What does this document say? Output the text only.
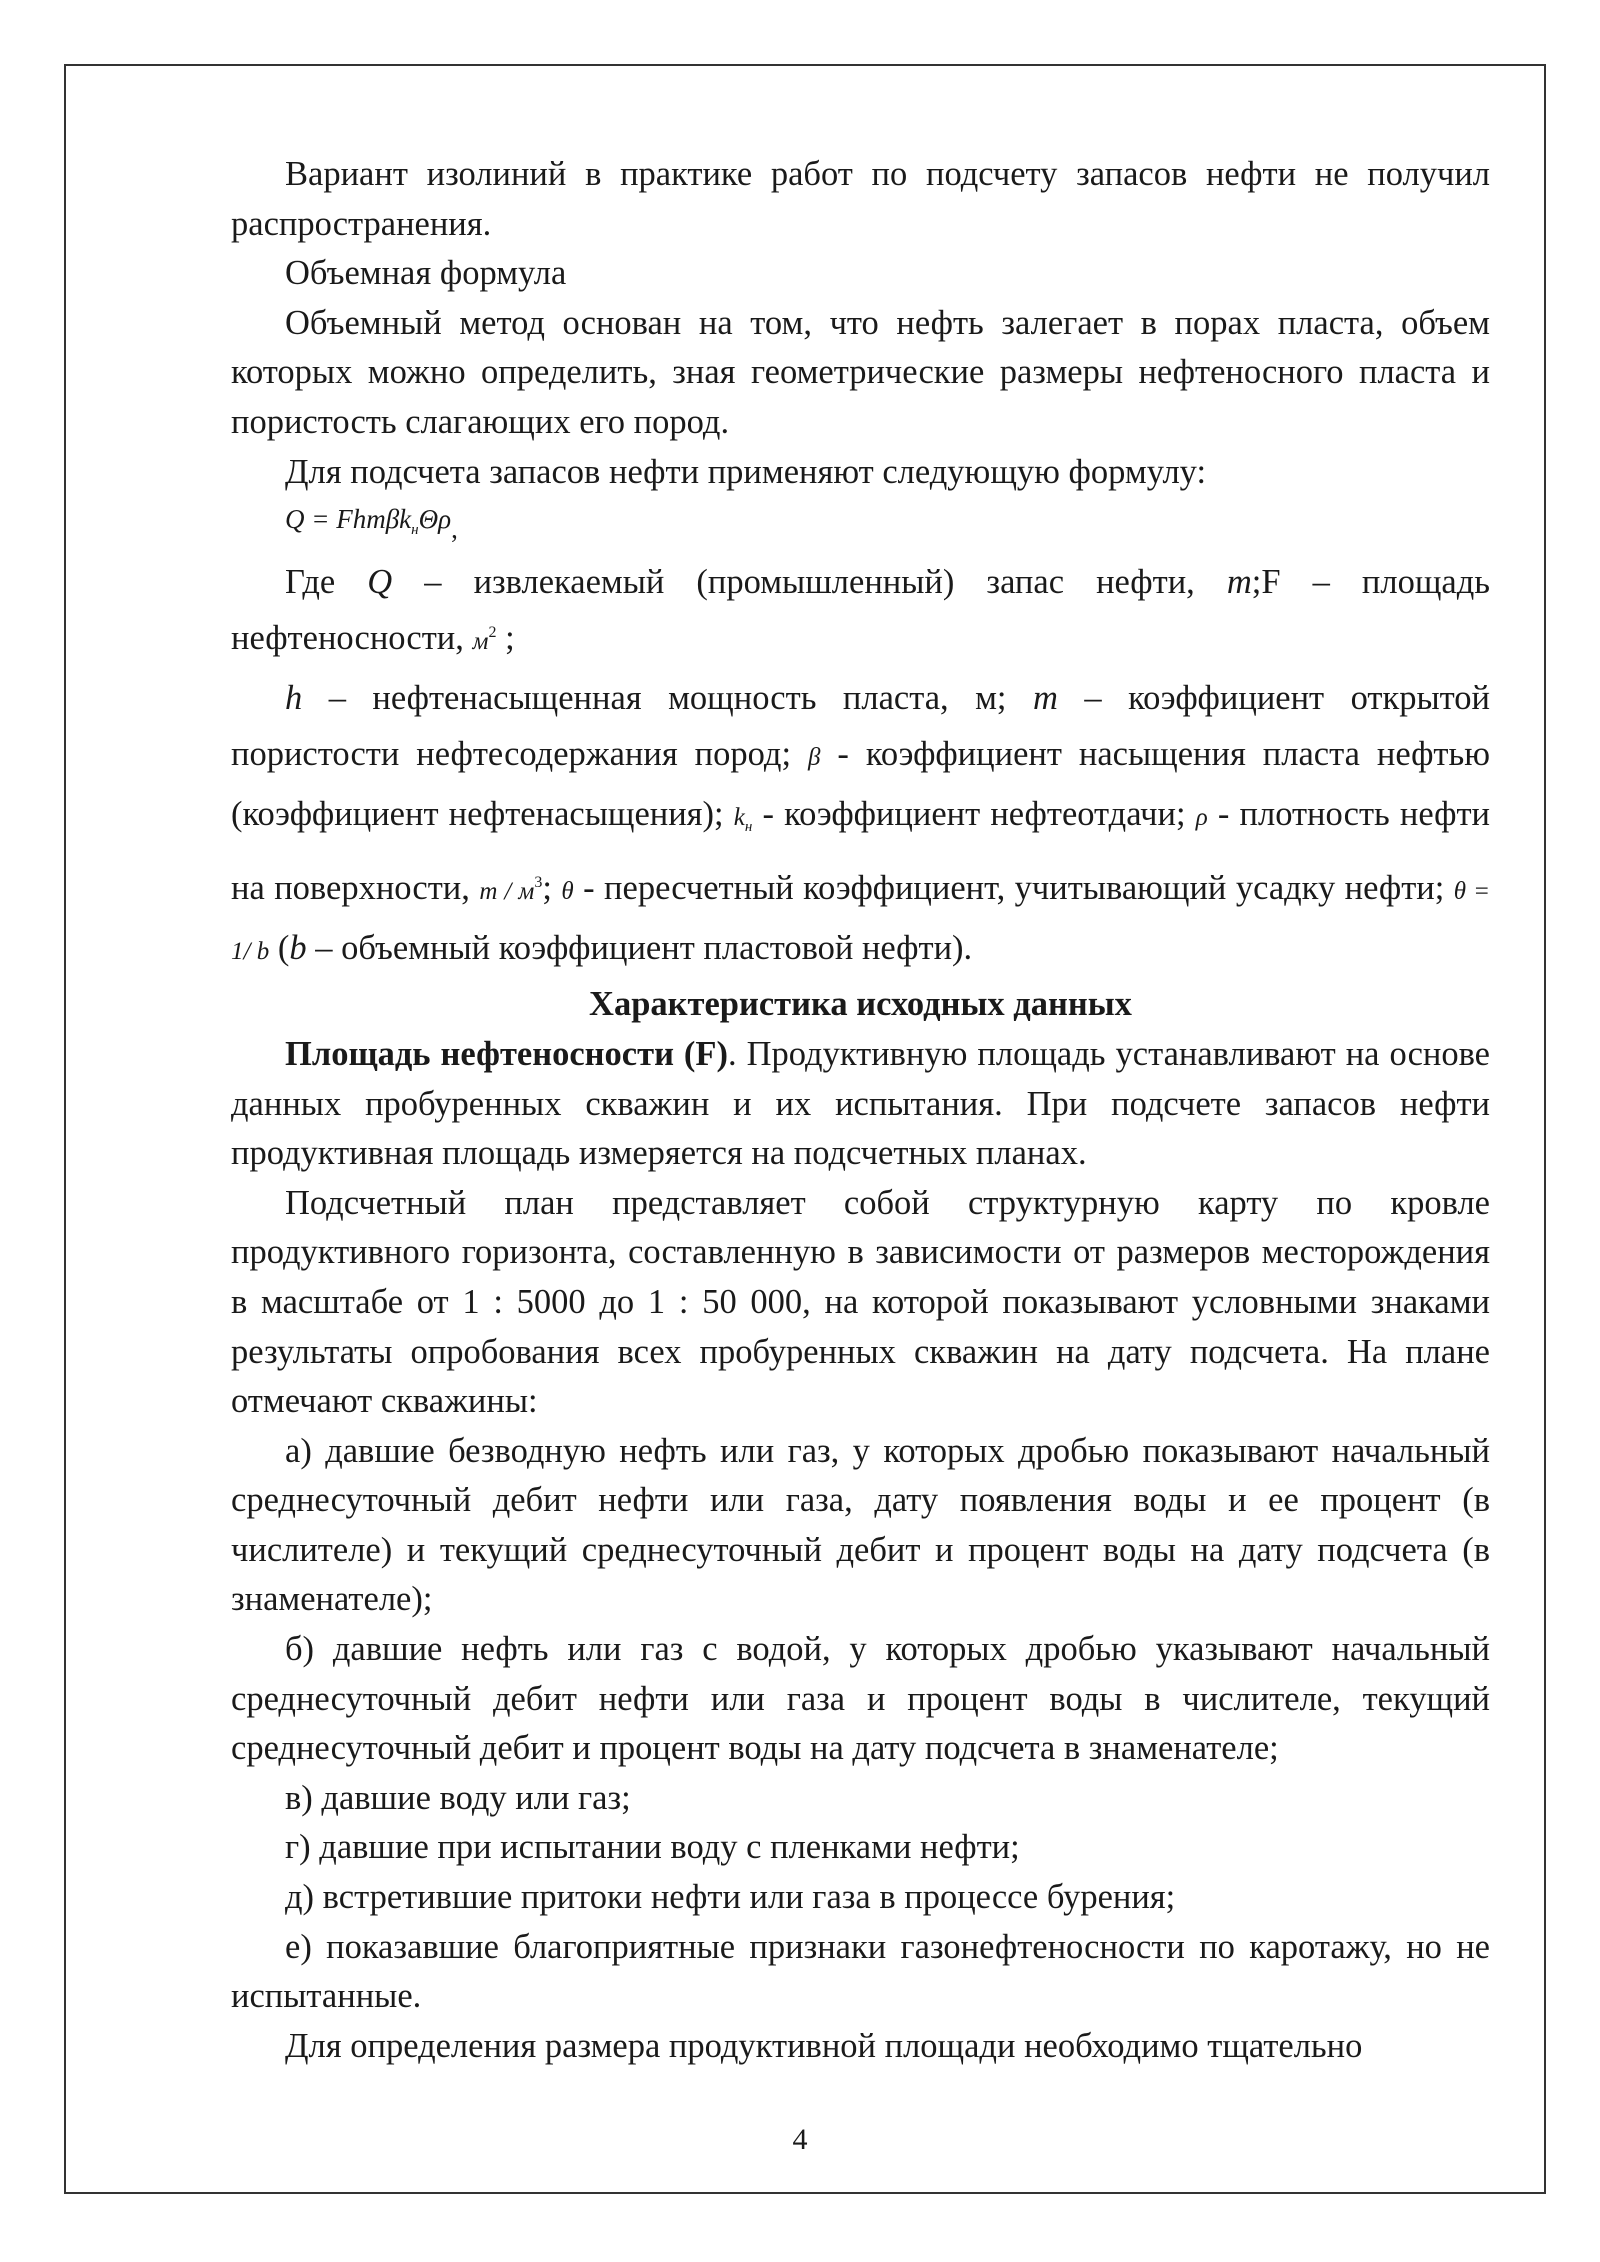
Вариант изолиний в практике работ по подсчету запасов нефти не получил распространения.

Объемная формула

Объемный метод основан на том, что нефть залегает в порах пласта, объем которых можно определить, зная геометрические размеры нефтеносного пласта и пористость слагающих его пород.

Для подсчета запасов нефти применяют следующую формулу:

Q = Fhmβk$_н$Θρ,

Где Q – извлекаемый (промышленный) запас нефти, m;F – площадь нефтеносности, $м^2$ ;

h – нефтенасыщенная мощность пласта, м; m – коэффициент открытой пористости нефтесодержания пород; β - коэффициент насыщения пласта нефтью (коэффициент нефтенасыщения); $k_н$ - коэффициент нефтеотдачи; ρ - плотность нефти на поверхности, m / $м^3$; θ - пересчетный коэффициент, учитывающий усадку нефти; θ = 1/ b (b – объемный коэффициент пластовой нефти).

Характеристика исходных данных

Площадь нефтеносности (F). Продуктивную площадь устанавливают на основе данных пробуренных скважин и их испытания. При подсчете запасов нефти продуктивная площадь измеряется на подсчетных планах.

Подсчетный план представляет собой структурную карту по кровле продуктивного горизонта, составленную в зависимости от размеров месторождения в масштабе от 1 : 5000 до 1 : 50 000, на которой показывают условными знаками результаты опробования всех пробуренных скважин на дату подсчета. На плане отмечают скважины:

а) давшие безводную нефть или газ, у которых дробью показывают начальный среднесуточный дебит нефти или газа, дату появления воды и ее процент (в числителе) и текущий среднесуточный дебит и процент воды на дату подсчета (в знаменателе);

б) давшие нефть или газ с водой, у которых дробью указывают начальный среднесуточный дебит нефти или газа и процент воды в числителе, текущий среднесуточный дебит и процент воды на дату подсчета в знаменателе;

в) давшие воду или газ;

г) давшие при испытании воду с пленками нефти;

д) встретившие притоки нефти или газа в процессе бурения;

е) показавшие благоприятные признаки газонефтеносности по каротажу, но не испытанные.

Для определения размера продуктивной площади необходимо тщательно

4
